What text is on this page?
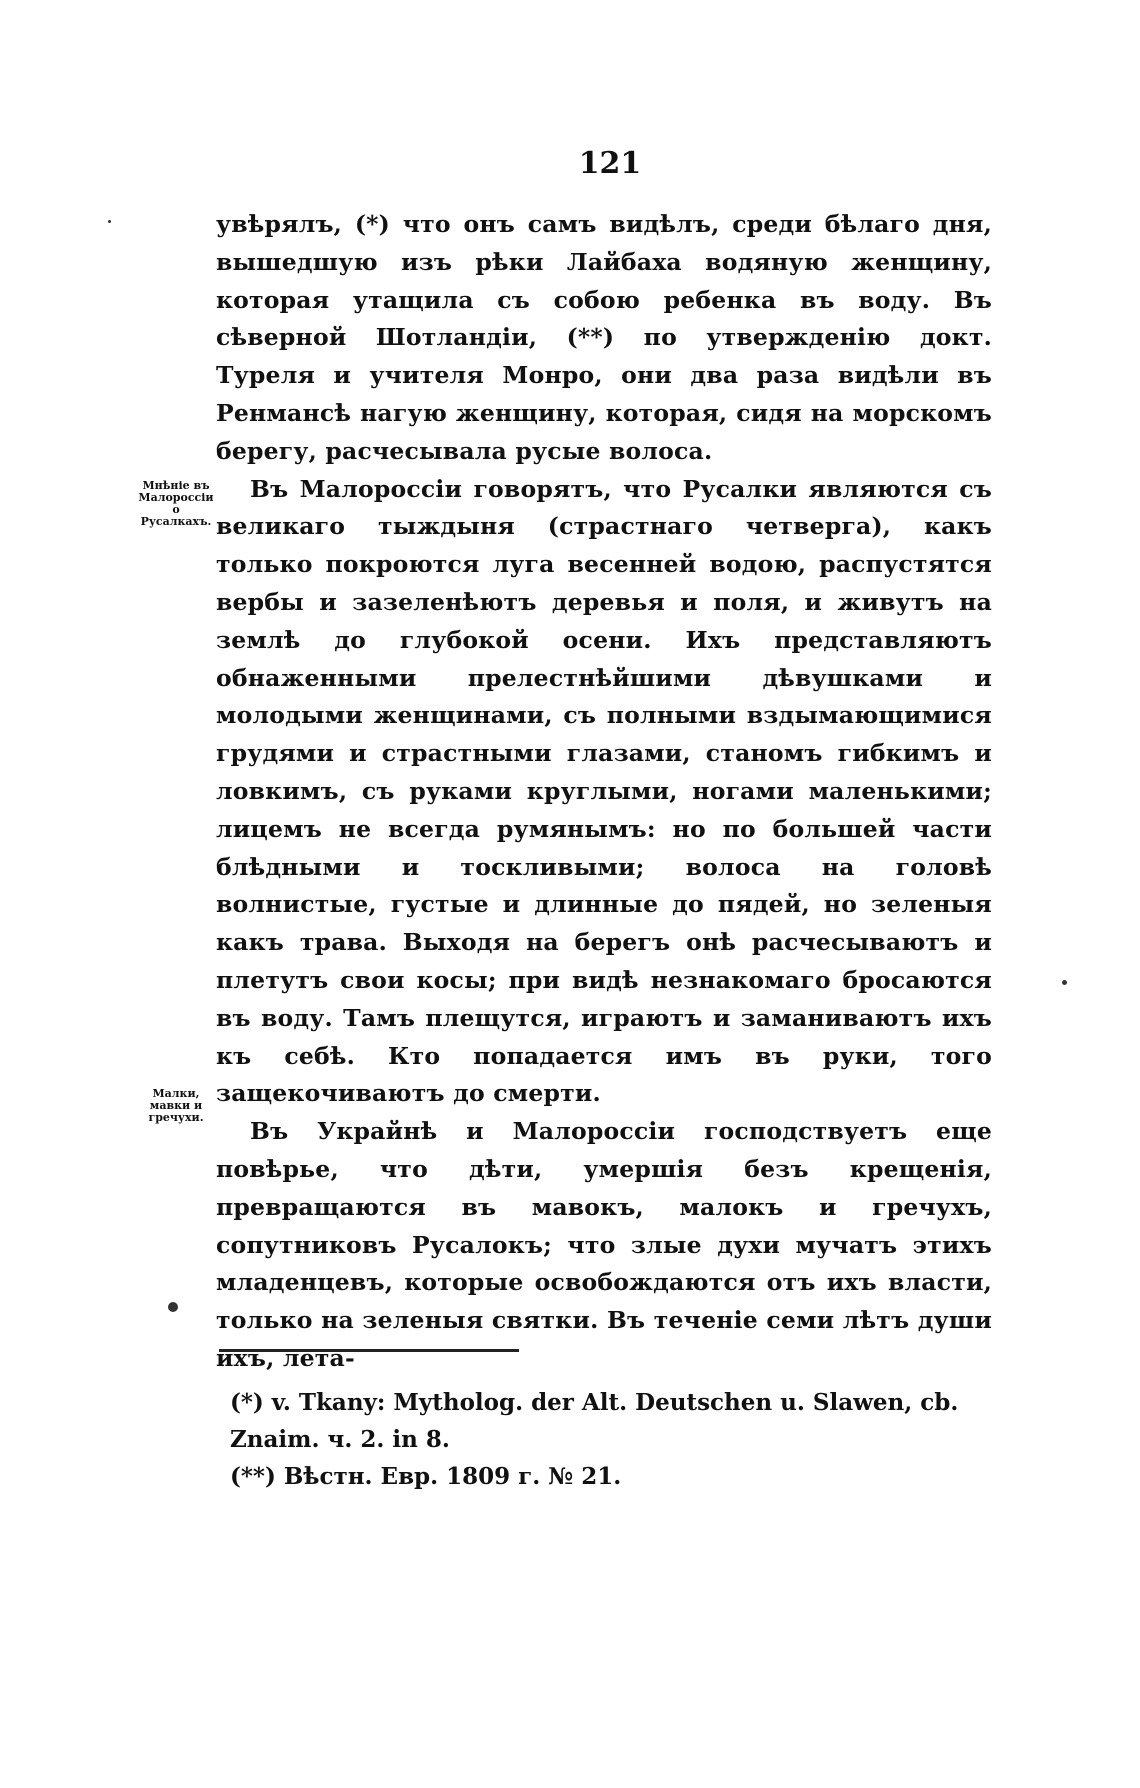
121
Мнѣніе въ Малороссіи о Русалкахъ.
Малки, мавки и гречухи.

увѣрялъ, (*) что онъ самъ видѣлъ, среди бѣлаго дня, вышедшую изъ рѣки Лайбаха водяную женщину, которая утащила съ собою ребенка въ воду. Въ сѣверной Шотландіи, (**) по утвержденію докт. Туреля и учителя Монро, они два раза видѣли въ Ренмансѣ нагую женщину, которая, сидя на морскомъ берегу, расчесывала русые волоса.

Въ Малороссіи говорятъ, что Русалки являются съ великаго тыждыня (страстнаго четверга), какъ только покроются луга весенней водою, распустятся вербы и зазеленѣютъ деревья и поля, и живутъ на землѣ до глубокой осени. Ихъ представляютъ обнаженными прелестнѣйшими дѣвушками и молодыми женщинами, съ полными вздымающимися грудями и страстными глазами, станомъ гибкимъ и ловкимъ, съ руками круглыми, ногами маленькими; лицемъ не всегда румянымъ: но по большей части блѣдными и тоскливыми; волоса на головѣ волнистые, густые и длинные до пядей, но зеленыя какъ трава. Выходя на берегъ онѣ расчесываютъ и плетутъ свои косы; при видѣ незнакомаго бросаются въ воду. Тамъ плещутся, играютъ и заманиваютъ ихъ къ себѣ. Кто попадается имъ въ руки, того защекочиваютъ до смерти.

Въ Украйнѣ и Малороссіи господствуетъ еще повѣрье, что дѣти, умершія безъ крещенія, превращаются въ мавокъ, малокъ и гречухъ, сопутниковъ Русалокъ; что злые духи мучатъ этихъ младенцевъ, которые освобождаются отъ ихъ власти, только на зеленыя святки. Въ теченіе семи лѣтъ души ихъ, лета-

(*) v. Tkany: Mytholog. der Alt. Deutschen u. Slawen, cb. Znaim. ч. 2. in 8.

(**) Вѣстн. Евр. 1809 г. № 21.
